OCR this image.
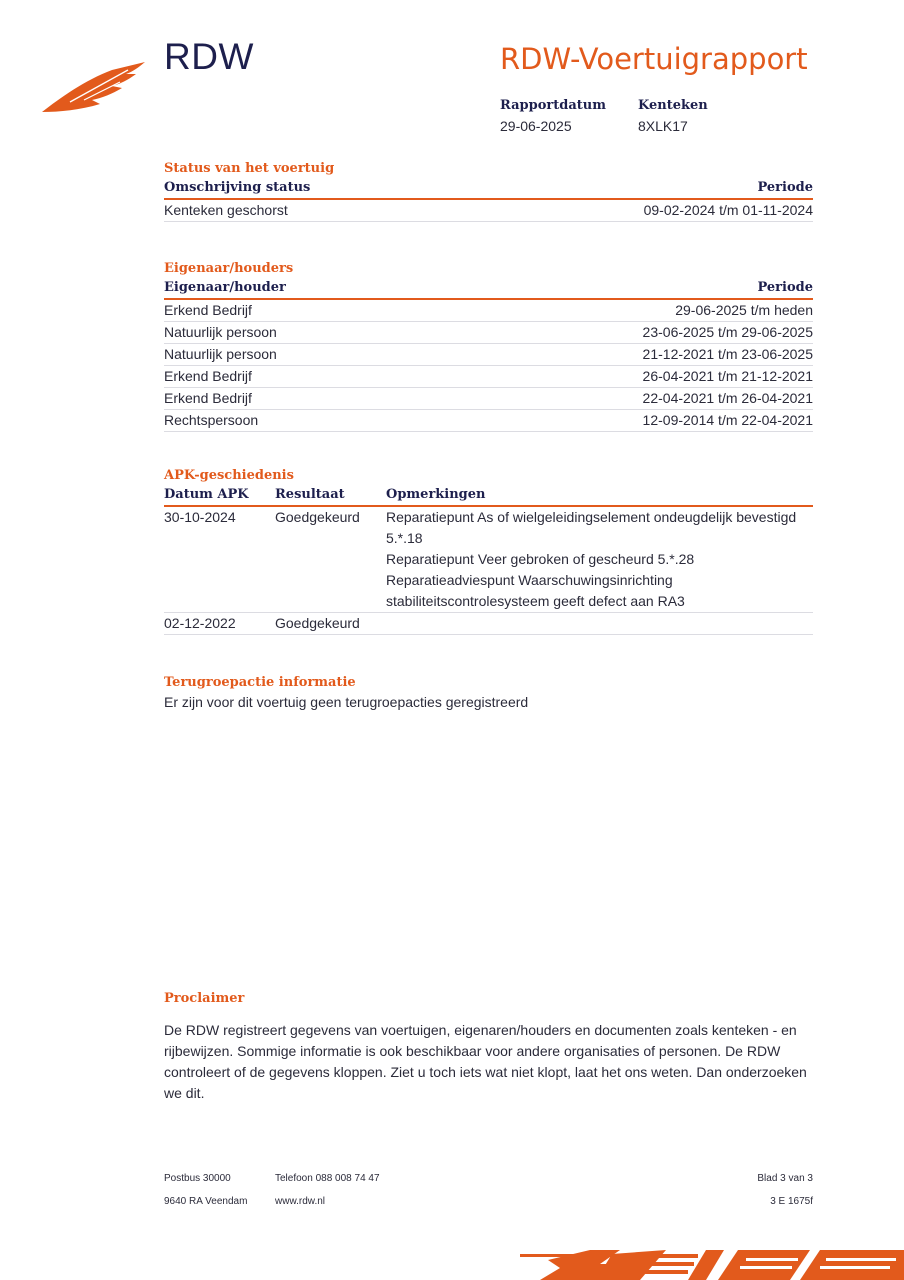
RDW	RDW-Voertuigrapport
Rapportdatum
29-06-2025
Kenteken
8XLK17
Status van het voertuig
Omschrijving status	Periode
Kenteken geschorst	09-02-2024 t/m 01-11-2024
Eigenaar/houders
Eigenaar/houder	Periode
Erkend Bedrijf	29-06-2025 t/m heden
Natuurlijk persoon	23-06-2025 t/m 29-06-2025
Natuurlijk persoon	21-12-2021 t/m 23-06-2025
Erkend Bedrijf	26-04-2021 t/m 21-12-2021
Erkend Bedrijf	22-04-2021 t/m 26-04-2021
Rechtspersoon	12-09-2014 t/m 22-04-2021
APK-geschiedenis
Datum APK	Resultaat	Opmerkingen
30-10-2024	Goedgekeurd	Reparatiepunt As of wielgeleidingselement ondeugdelijk bevestigd
5.*.18
Reparatiepunt Veer gebroken of gescheurd 5.*.28
Reparatieadviespunt Waarschuwingsinrichting
stabiliteitscontrolesysteem geeft defect aan RA3
02-12-2022	Goedgekeurd
Terugroepactie informatie
Er zijn voor dit voertuig geen terugroepacties geregistreerd
Proclaimer
De RDW registreert gegevens van voertuigen, eigenaren/houders en documenten zoals kenteken - en
rijbewijzen. Sommige informatie is ook beschikbaar voor andere organisaties of personen. De RDW
controleert of de gegevens kloppen. Ziet u toch iets wat niet klopt, laat het ons weten. Dan onderzoeken
we dit.
Postbus 30000
9640 RA Veendam
Telefoon 088 008 74 47
www.rdw.nl
Blad 3 van 3
3 E 1675f
